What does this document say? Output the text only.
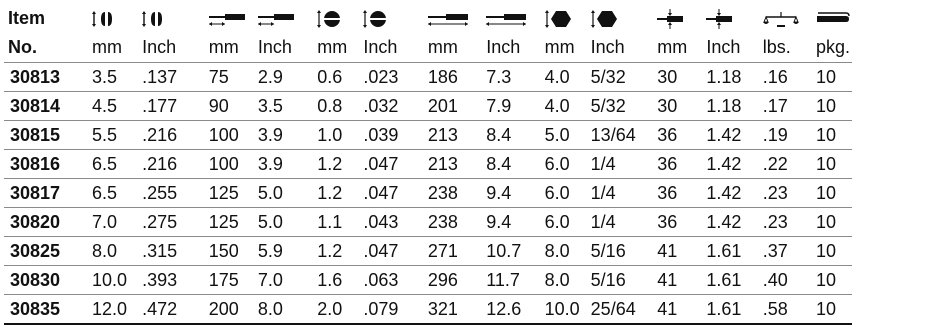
Item	

No.	mm	Inch	mm	Inch	mm	Inch	mm	Inch	mm	Inch	mm	Inch	lbs.	pkg.
30813	3.5	.137	75	2.9	0.6	.023	186	7.3	4.0	5/32	30	1.18	.16	10
30814	4.5	.177	90	3.5	0.8	.032	201	7.9	4.0	5/32	30	1.18	.17	10
30815	5.5	.216	100	3.9	1.0	.039	213	8.4	5.0	13/64	36	1.42	.19	10
30816	6.5	.216	100	3.9	1.2	.047	213	8.4	6.0	1/4	36	1.42	.22	10
30817	6.5	.255	125	5.0	1.2	.047	238	9.4	6.0	1/4	36	1.42	.23	10
30820	7.0	.275	125	5.0	1.1	.043	238	9.4	6.0	1/4	36	1.42	.23	10
30825	8.0	.315	150	5.9	1.2	.047	271	10.7	8.0	5/16	41	1.61	.37	10
30830	10.0	.393	175	7.0	1.6	.063	296	11.7	8.0	5/16	41	1.61	.40	10
30835	12.0	.472	200	8.0	2.0	.079	321	12.6	10.0	25/64	41	1.61	.58	10
